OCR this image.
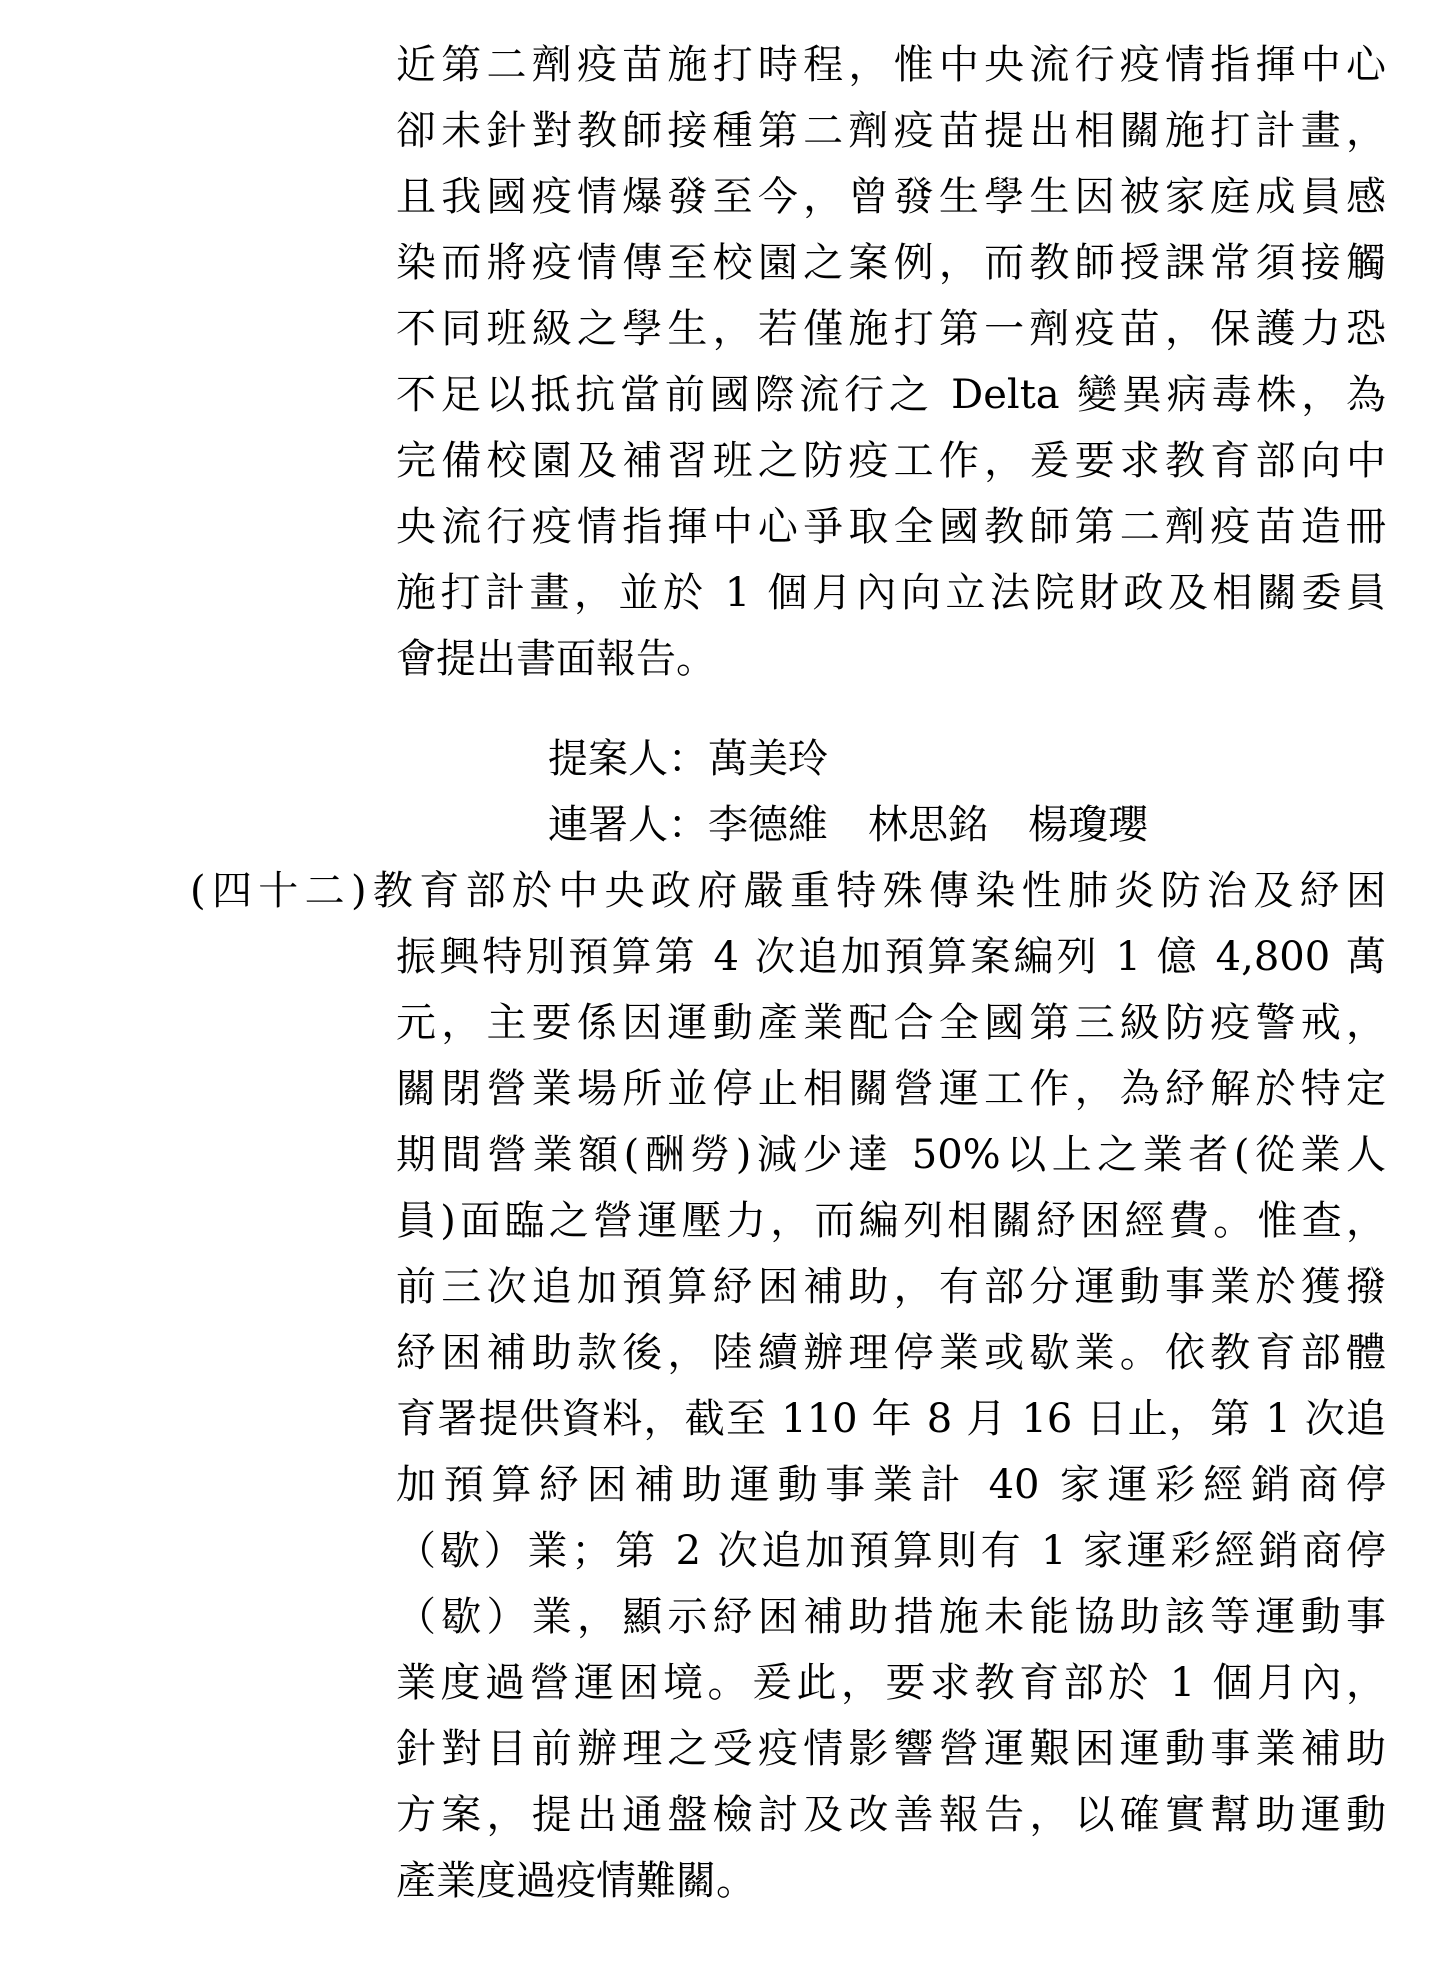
近第二劑疫苗施打時程，惟中央流行疫情指揮中心
卻未針對教師接種第二劑疫苗提出相關施打計畫，
且我國疫情爆發至今，曾發生學生因被家庭成員感
染而將疫情傳至校園之案例，而教師授課常須接觸
不同班級之學生，若僅施打第一劑疫苗，保護力恐
不足以抵抗當前國際流行之 Delta 變異病毒株，為
完備校園及補習班之防疫工作，爰要求教育部向中
央流行疫情指揮中心爭取全國教師第二劑疫苗造冊
施打計畫，並於 1 個月內向立法院財政及相關委員
會提出書面報告。
提案人：萬美玲
連署人：李德維 林思銘 楊瓊瓔
(四十二)教育部於中央政府嚴重特殊傳染性肺炎防治及紓困
振興特別預算第 4 次追加預算案編列 1 億 4,800 萬
元，主要係因運動產業配合全國第三級防疫警戒，
關閉營業場所並停止相關營運工作，為紓解於特定
期間營業額(酬勞)減少達 50%以上之業者(從業人
員)面臨之營運壓力，而編列相關紓困經費。惟查，
前三次追加預算紓困補助，有部分運動事業於獲撥
紓困補助款後，陸續辦理停業或歇業。依教育部體
育署提供資料，截至 110 年 8 月 16 日止，第 1 次追
加預算紓困補助運動事業計 40 家運彩經銷商停
（歇）業；第 2 次追加預算則有 1 家運彩經銷商停
（歇）業，顯示紓困補助措施未能協助該等運動事
業度過營運困境。爰此，要求教育部於 1 個月內，
針對目前辦理之受疫情影響營運艱困運動事業補助
方案，提出通盤檢討及改善報告，以確實幫助運動
產業度過疫情難關。
